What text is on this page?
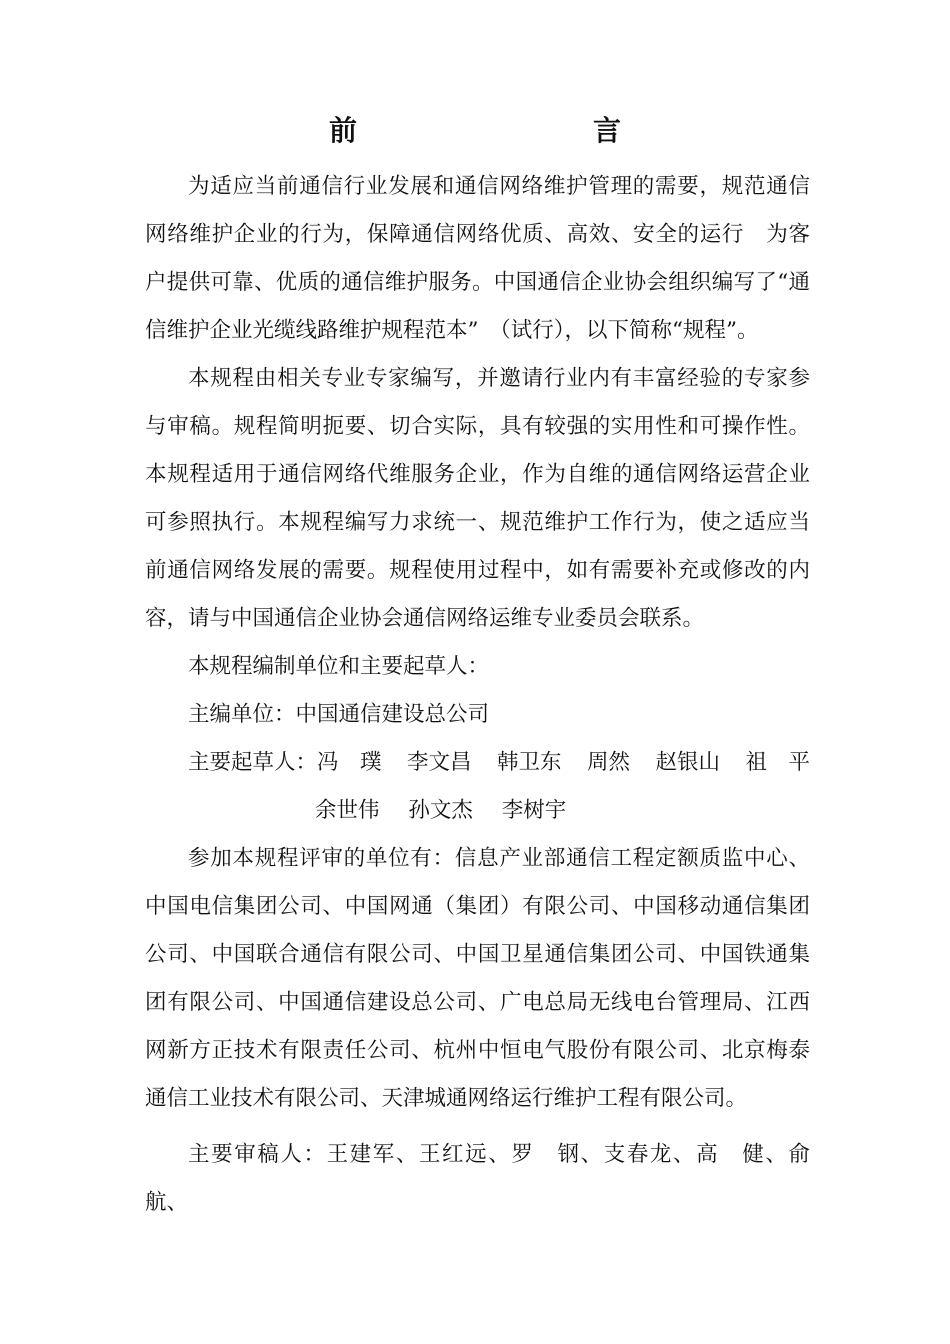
前　　言

为适应当前通信行业发展和通信网络维护管理的需要，规范通信网络维护企业的行为，保障通信网络优质、高效、安全的运行　为客户提供可靠、优质的通信维护服务。中国通信企业协会组织编写了“通信维护企业光缆线路维护规程范本”　（试行），以下简称“规程”。

本规程由相关专业专家编写，并邀请行业内有丰富经验的专家参与审稿。规程简明扼要、切合实际，具有较强的实用性和可操作性。本规程适用于通信网络代维服务企业，作为自维的通信网络运营企业可参照执行。本规程编写力求统一、规范维护工作行为，使之适应当前通信网络发展的需要。规程使用过程中，如有需要补充或修改的内容，请与中国通信企业协会通信网络运维专业委员会联系。

本规程编制单位和主要起草人：

主编单位：中国通信建设总公司

主要起草人： 冯　璞 李文昌 韩卫东 周然 赵银山 祖　平
余世伟 孙文杰 李树宇

参加本规程评审的单位有：信息产业部通信工程定额质监中心、中国电信集团公司、中国网通（集团）有限公司、中国移动通信集团公司、中国联合通信有限公司、中国卫星通信集团公司、中国铁通集团有限公司、中国通信建设总公司、广电总局无线电台管理局、江西网新方正技术有限责任公司、杭州中恒电气股份有限公司、北京梅泰通信工业技术有限公司、天津城通网络运行维护工程有限公司。

主要审稿人：王建军、王红远、罗　钢、支春龙、高　健、俞　航、
